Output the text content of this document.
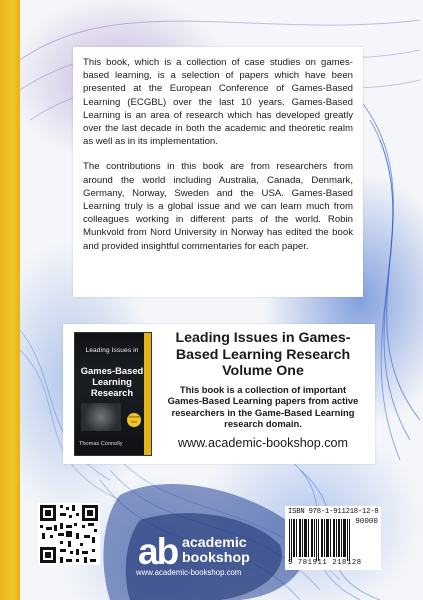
This book, which is a collection of case studies on games-based learning, is a selection of papers which have been presented at the European Conference of Games-Based Learning (ECGBL) over the last 10 years. Games-Based Learning is an area of research which has developed greatly over the last decade in both the academic and theoretic realm as well as in its implementation.

The contributions in this book are from researchers from around the world including Australia, Canada, Denmark, Germany, Norway, Sweden and the USA. Games-Based Learning truly is a global issue and we can learn much from colleagues working in different parts of the world. Robin Munkvold from Nord University in Norway has edited the book and provided insightful commentaries for each paper.

Leading Issues in
Games-Based Learning Research
Volume One
Thomas Connolly
Leading Issues in Games-Based Learning Research Volume One
This book is a collection of important Games-Based Learning papers from active researchers in the Game-Based Learning research domain.
www.academic-bookshop.com
ab academic
bookshop
www.academic-bookshop.com
ISBN 978-1-911218-12-8
90000
9 781911 218128
